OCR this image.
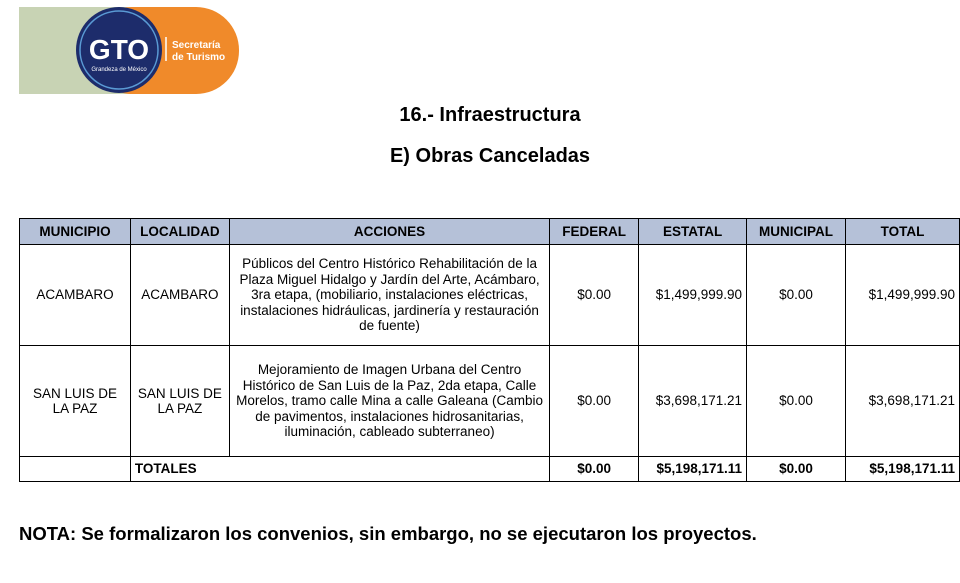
GTO
Grandeza de México
Secretaría
de Turismo
16.- Infraestructura
E) Obras Canceladas
MUNICIPIO	LOCALIDAD	ACCIONES	FEDERAL	ESTATAL	MUNICIPAL	TOTAL
ACAMBARO	ACAMBARO	Públicos del Centro Histórico Rehabilitación de la Plaza Miguel Hidalgo y Jardín del Arte, Acámbaro, 3ra etapa, (mobiliario, instalaciones eléctricas, instalaciones hidráulicas, jardinería y restauración de fuente)	$0.00	$1,499,999.90	$0.00	$1,499,999.90
SAN LUIS DE LA PAZ	SAN LUIS DE LA PAZ	Mejoramiento de Imagen Urbana del Centro Histórico de San Luis de la Paz, 2da etapa, Calle Morelos, tramo calle Mina a calle Galeana (Cambio de pavimentos, instalaciones hidrosanitarias, iluminación, cableado subterraneo)	$0.00	$3,698,171.21	$0.00	$3,698,171.21
	TOTALES		$0.00	$5,198,171.11	$0.00	$5,198,171.11
NOTA: Se formalizaron los convenios, sin embargo, no se ejecutaron los proyectos.
